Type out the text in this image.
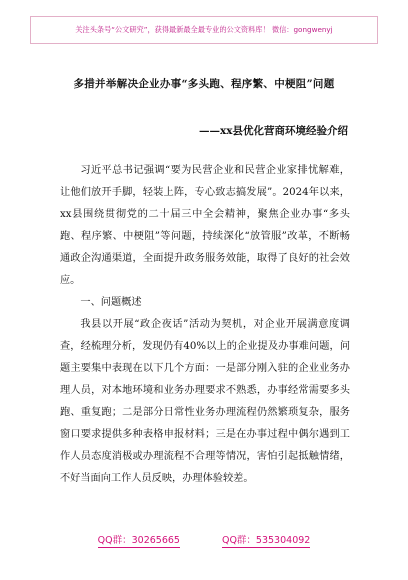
关注头条号“公文研究”，获得最新最全最专业的公文资料库！ 微信：gongwenyj
多措并举解决企业办事“多头跑、程序繁、中梗阻”问题
——xx县优化营商环境经验介绍

习近平总书记强调“要为民营企业和民营企业家排忧解难，让他们放开手脚，轻装上阵，专心致志搞发展”。2024年以来，xx县围绕贯彻党的二十届三中全会精神，聚焦企业办事“多头跑、程序繁、中梗阻”等问题，持续深化“放管服”改革，不断畅通政企沟通渠道，全面提升政务服务效能，取得了良好的社会效应。

一、问题概述

我县以开展“政企夜话”活动为契机，对企业开展满意度调查，经梳理分析，发现仍有40%以上的企业提及办事难问题，问题主要集中表现在以下几个方面：一是部分刚入驻的企业业务办理人员，对本地环境和业务办理要求不熟悉，办事经常需要多头跑、重复跑；二是部分日常性业务办理流程仍然繁琐复杂，服务窗口要求提供多种表格申报材料；三是在办事过程中偶尔遇到工作人员态度消极或办理流程不合理等情况，害怕引起抵触情绪，不好当面向工作人员反映，办理体验较差。

QQ群：30265665	QQ群：535304092
